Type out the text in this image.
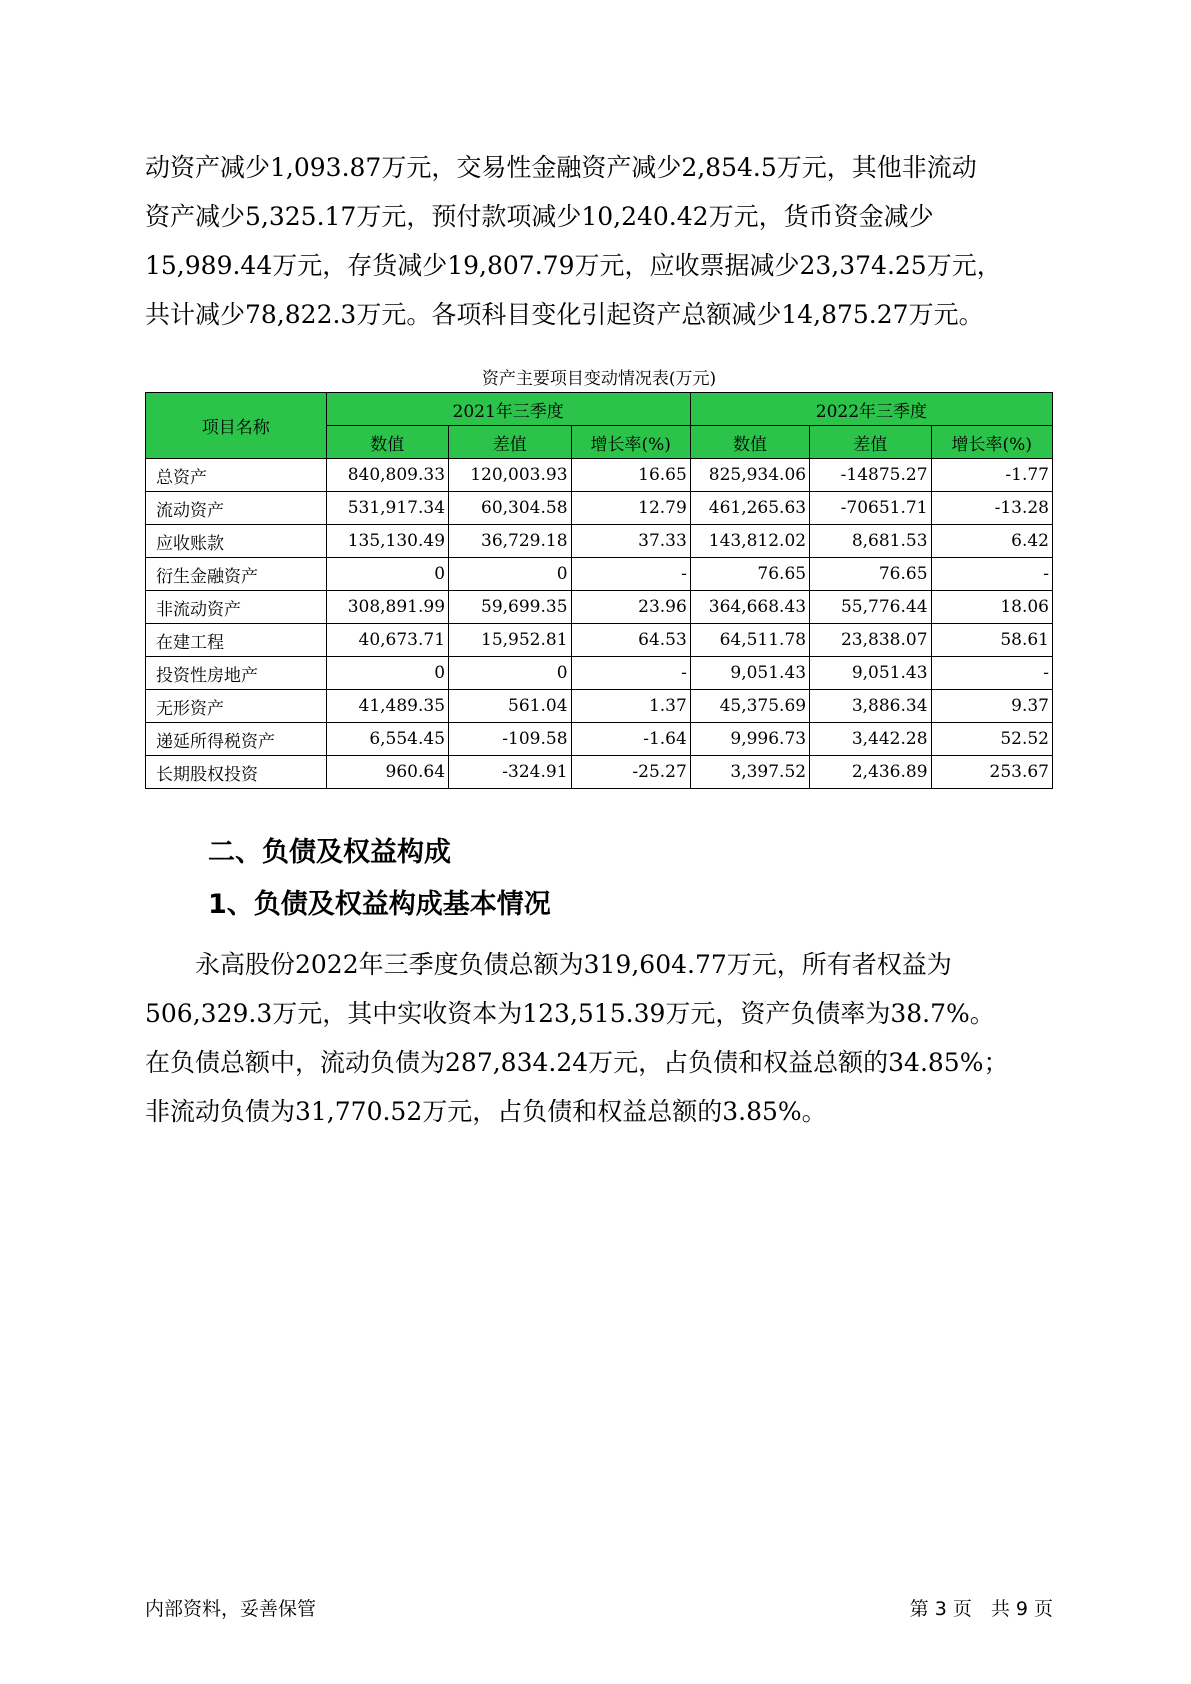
动资产减少1,093.87万元，交易性金融资产减少2,854.5万元，其他非流动
资产减少5,325.17万元，预付款项减少10,240.42万元，货币资金减少
15,989.44万元，存货减少19,807.79万元，应收票据减少23,374.25万元，
共计减少78,822.3万元。各项科目变化引起资产总额减少14,875.27万元。

资产主要项目变动情况表(万元)
项目名称	2021年三季度			2022年三季度		
	数值	差值	增长率(%)	数值	差值	增长率(%)
总资产	840,809.33	120,003.93	16.65	825,934.06	-14875.27	-1.77
流动资产	531,917.34	60,304.58	12.79	461,265.63	-70651.71	-13.28
应收账款	135,130.49	36,729.18	37.33	143,812.02	8,681.53	6.42
衍生金融资产	0	0	-	76.65	76.65	-
非流动资产	308,891.99	59,699.35	23.96	364,668.43	55,776.44	18.06
在建工程	40,673.71	15,952.81	64.53	64,511.78	23,838.07	58.61
投资性房地产	0	0	-	9,051.43	9,051.43	-
无形资产	41,489.35	561.04	1.37	45,375.69	3,886.34	9.37
递延所得税资产	6,554.45	-109.58	-1.64	9,996.73	3,442.28	52.52
长期股权投资	960.64	-324.91	-25.27	3,397.52	2,436.89	253.67
二、负债及权益构成
1、负债及权益构成基本情况

　　永高股份2022年三季度负债总额为319,604.77万元，所有者权益为
506,329.3万元，其中实收资本为123,515.39万元，资产负债率为38.7%。
在负债总额中，流动负债为287,834.24万元，占负债和权益总额的34.85%；
非流动负债为31,770.52万元，占负债和权益总额的3.85%。

内部资料，妥善保管	第 3 页　共 9 页
